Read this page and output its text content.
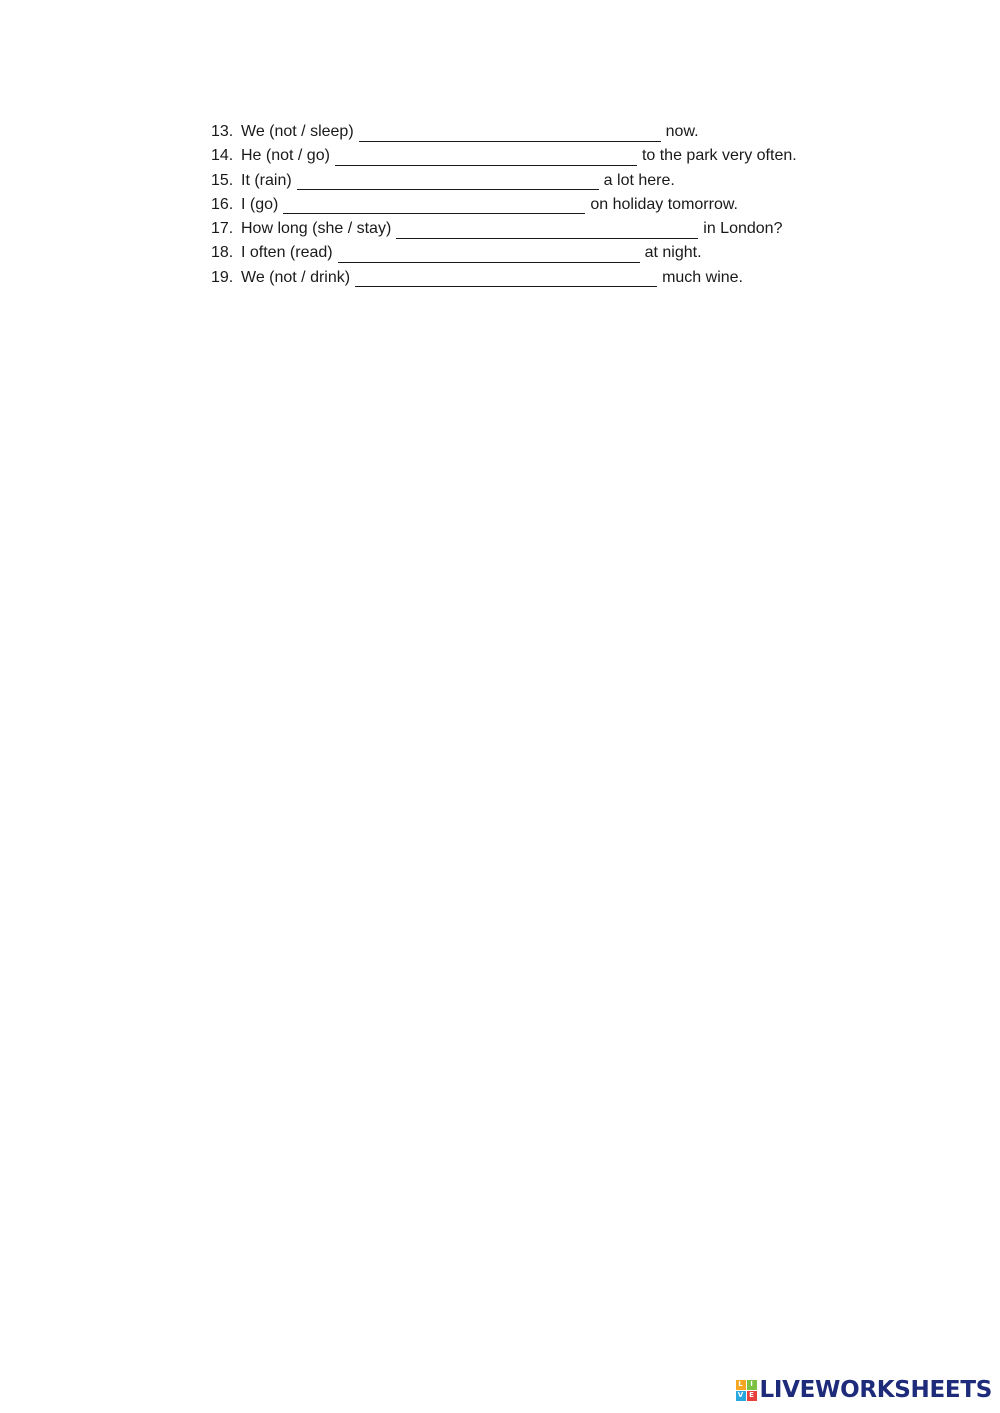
13. We (not / sleep)	now.
14. He (not / go)	to the park very often.
15. It (rain)	a lot here.
16. I (go)	on holiday tomorrow.
17. How long (she / stay)	in London?
18. I often (read)	at night.
19. We (not / drink)	much wine.
L	I
V E LIVEWORKSHEETS
